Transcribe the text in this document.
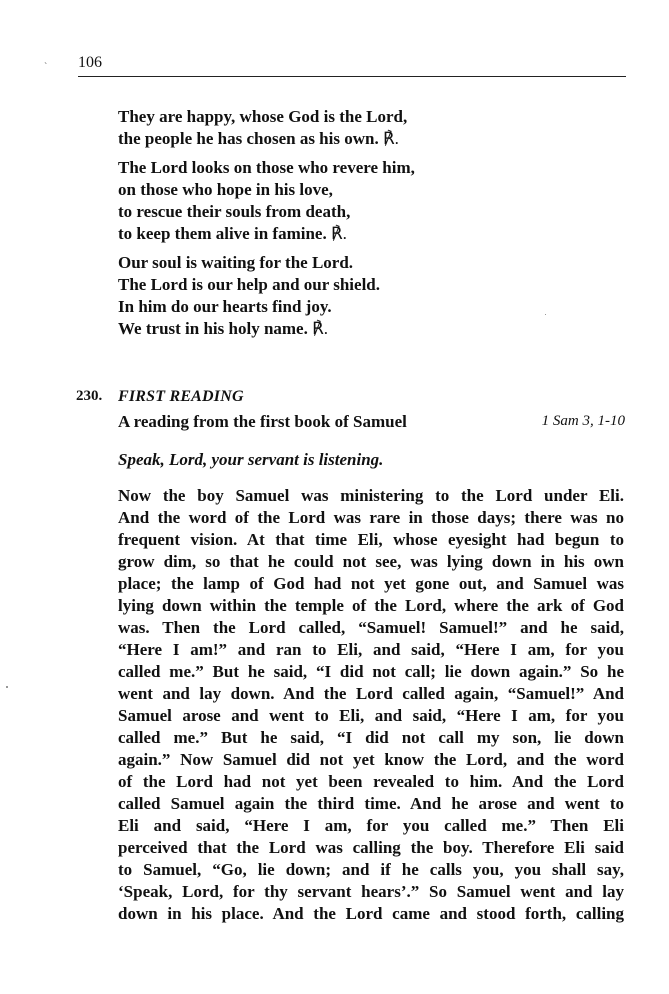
` 106
They are happy, whose God is the Lord,
the people he has chosen as his own. ℟.
The Lord looks on those who revere him,
on those who hope in his love,
to rescue their souls from death,
to keep them alive in famine. ℟.
Our soul is waiting for the Lord.
The Lord is our help and our shield.
In him do our hearts find joy.
We trust in his holy name. ℟.
230. FIRST READING
A reading from the first book of Samuel	1 Sam 3, 1-10
Speak, Lord, your servant is listening.
Now the boy Samuel was ministering to the Lord under Eli.
And the word of the Lord was rare in those days; there was no
frequent vision. At that time Eli, whose eyesight had begun to
grow dim, so that he could not see, was lying down in his own
place; the lamp of God had not yet gone out, and Samuel was
lying down within the temple of the Lord, where the ark of God
was. Then the Lord called, “Samuel! Samuel!” and he said,
“Here I am!” and ran to Eli, and said, “Here I am, for you
called me.” But he said, “I did not call; lie down again.” So he
went and lay down. And the Lord called again, “Samuel!” And
Samuel arose and went to Eli, and said, “Here I am, for you
called me.” But he said, “I did not call my son, lie down
again.” Now Samuel did not yet know the Lord, and the word
of the Lord had not yet been revealed to him. And the Lord
called Samuel again the third time. And he arose and went to
Eli and said, “Here I am, for you called me.” Then Eli
perceived that the Lord was calling the boy. Therefore Eli said
to Samuel, “Go, lie down; and if he calls you, you shall say,
‘Speak, Lord, for thy servant hears’.” So Samuel went and lay
down in his place. And the Lord came and stood forth, calling
